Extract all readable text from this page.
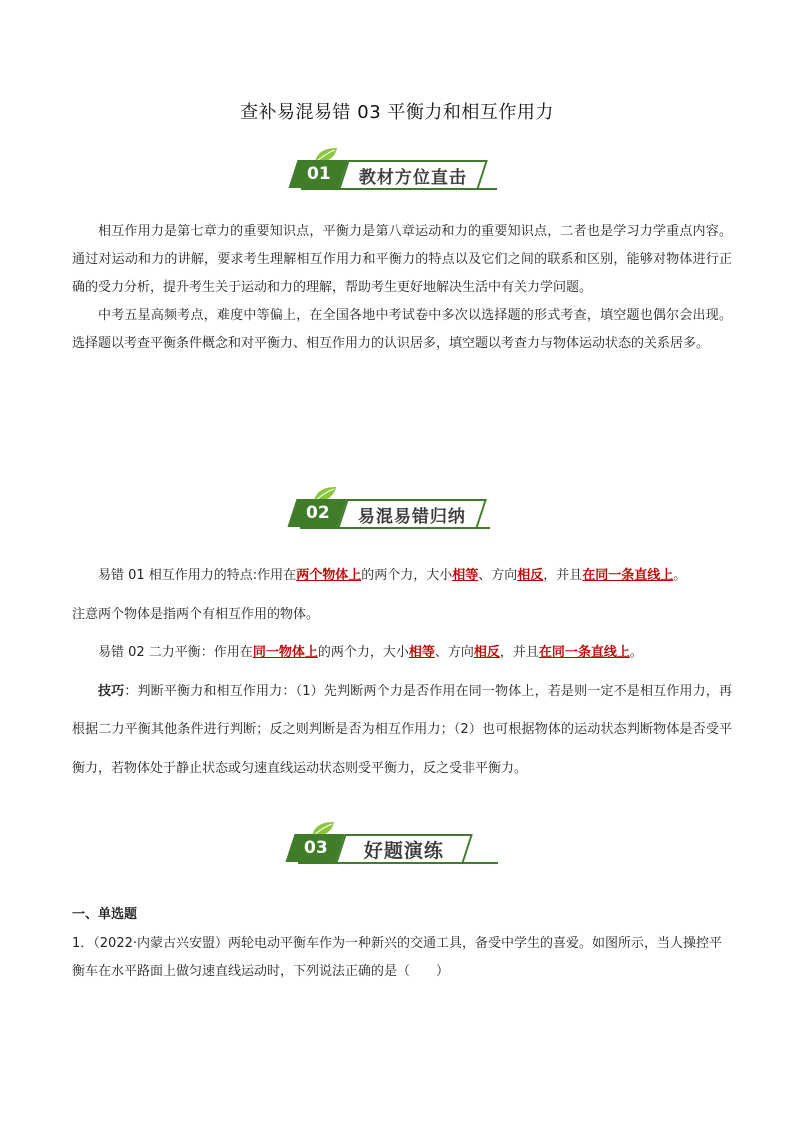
查补易混易错 03 平衡力和相互作用力
01 教材方位直击

相互作用力是第七章力的重要知识点，平衡力是第八章运动和力的重要知识点，二者也是学习力学重点内容。通过对运动和力的讲解，要求考生理解相互作用力和平衡力的特点以及它们之间的联系和区别，能够对物体进行正确的受力分析，提升考生关于运动和力的理解，帮助考生更好地解决生活中有关力学问题。

中考五星高频考点，难度中等偏上，在全国各地中考试卷中多次以选择题的形式考查，填空题也偶尔会出现。选择题以考查平衡条件概念和对平衡力、相互作用力的认识居多，填空题以考查力与物体运动状态的关系居多。

02 易混易错归纳

易错 01 相互作用力的特点:作用在两个物体上的两个力，大小相等、方向相反，并且在同一条直线上。

注意两个物体是指两个有相互作用的物体。

易错 02 二力平衡：作用在同一物体上的两个力，大小相等、方向相反，并且在同一条直线上。

技巧：判断平衡力和相互作用力：（1）先判断两个力是否作用在同一物体上，若是则一定不是相互作用力，再根据二力平衡其他条件进行判断；反之则判断是否为相互作用力；（2）也可根据物体的运动状态判断物体是否受平衡力，若物体处于静止状态或匀速直线运动状态则受平衡力，反之受非平衡力。

03 好题演练
一、单选题

1．（2022·内蒙古兴安盟）两轮电动平衡车作为一种新兴的交通工具，备受中学生的喜爱。如图所示，当人操控平衡车在水平路面上做匀速直线运动时，下列说法正确的是（　　）
